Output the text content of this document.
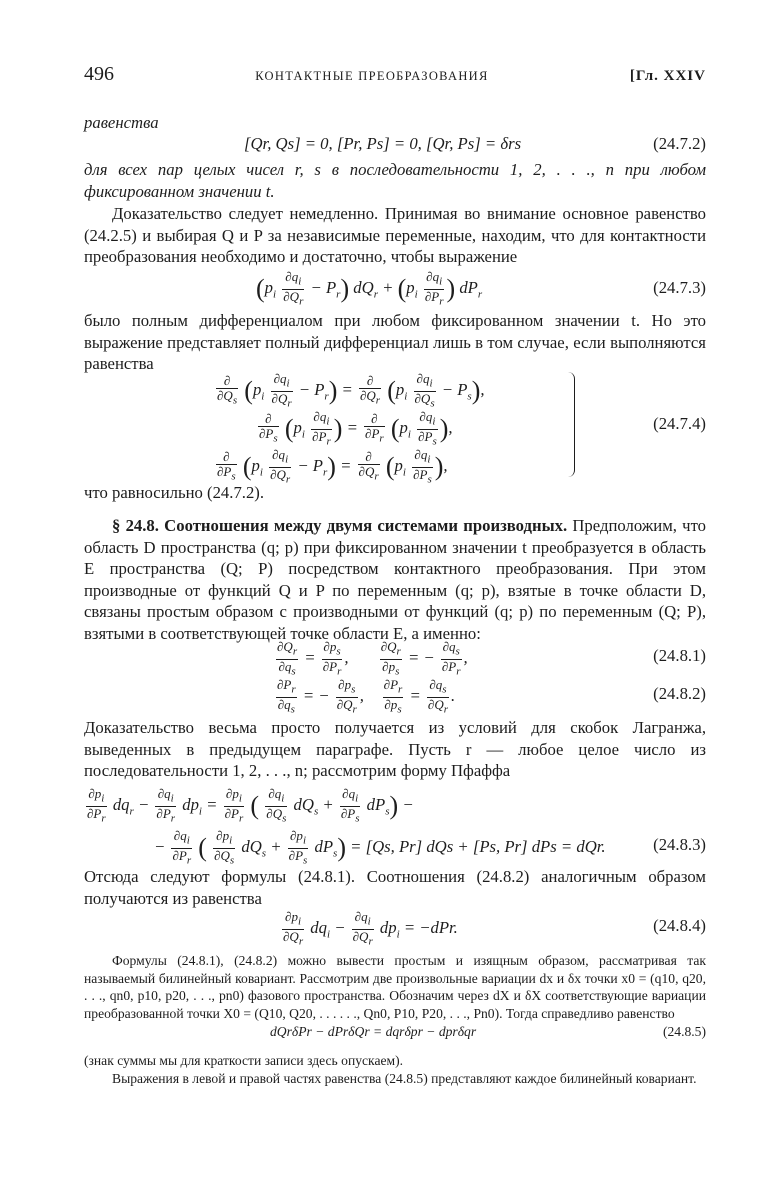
496	КОНТАКТНЫЕ ПРЕОБРАЗОВАНИЯ	[Гл. XXIV
равенства
[Qr, Qs] = 0, [Pr, Ps] = 0, [Qr, Ps] = δrs	(24.7.2)
для всех пар целых чисел r, s в последовательности 1, 2, . . ., n при любом фиксированном значении t.
Доказательство следует немедленно. Принимая во внимание основное равенство (24.2.5) и выбирая Q и P за независимые переменные, находим, что для контактности преобразования необходимо и достаточно, чтобы выражение
$(p_i \frac{\partial q_i}{\partial Q_r} - P_r) dQ_r + (p_i \frac{\partial q_i}{\partial P_r}$ ) $dP_r$	(24.7.3)
было полным дифференциалом при любом фиксированном значении t. Но это выражение представляет полный дифференциал лишь в том случае, если выполняются равенства
$\frac{\partial}{\partial Q_s} (p_i \frac{\partial q_i}{\partial Q_r} - P_r) = \frac{\partial}{\partial Q_r} (p_i \frac{\partial q_i}{\partial Q_s} - P_s)$,
$\frac{\partial}{\partial P_s} (p_i \frac{\partial q_i}{\partial P_r}$ ) = $\frac{\partial}{\partial P_r} (p_i \frac{\partial q_i}{\partial P_s}$ ),
$\frac{\partial}{\partial P_s} (p_i \frac{\partial q_i}{\partial Q_r} - P_r) = \frac{\partial}{\partial Q_r} (p_i \frac{\partial q_i}{\partial P_s}$ ),
(24.7.4)
что равносильно (24.7.2).
§ 24.8. Соотношения между двумя системами производных. Предположим, что область D пространства (q; p) при фиксированном значении t преобразуется в область E пространства (Q; P) посредством контактного преобразования. При этом производные от функций Q и P по переменным (q; p), взятые в точке области D, связаны простым образом с производными от функций (q; p) по переменным (Q; P), взятыми в соответствующей точке области E, а именно:
$\frac{\partial Q_r}{\partial q_s} = \frac{\partial p_s}{\partial P_r}$ , $\frac{\partial Q_r}{\partial p_s}$ = − $\frac{\partial q_s}{\partial P_r}$ ,	(24.8.1)
$\frac{\partial P_r}{\partial q_s}$ = − $\frac{\partial p_s}{\partial Q_r}$ , $\frac{\partial P_r}{\partial p_s} = \frac{\partial q_s}{\partial Q_r}$ .	(24.8.2)
Доказательство весьма просто получается из условий для скобок Лагранжа, выведенных в предыдущем параграфе. Пусть r — любое целое число из последовательности 1, 2, . . ., n; рассмотрим форму Пфаффа
$\frac{\partial p_i}{\partial P_r} dq_r - \frac{\partial q_i}{\partial P_r} dp_i = \frac{\partial p_i}{\partial P_r}$ ( $\frac{\partial q_i}{\partial Q_s} dQ_s + \frac{\partial q_i}{\partial P_s} dP_s$) −
− $\frac{\partial q_i}{\partial P_r}$ ( $\frac{\partial p_i}{\partial Q_s} dQ_s + \frac{\partial p_i}{\partial P_s} dP_s) = [Qs$, Pr] dQs + [Ps, Pr] dPs = dQr.	(24.8.3)
Отсюда следуют формулы (24.8.1). Соотношения (24.8.2) аналогичным образом получаются из равенства
$\frac{\partial p_i}{\partial Q_r} dq_i - \frac{\partial q_i}{\partial Q_r} dp_i = -dPr$.	(24.8.4)
Формулы (24.8.1), (24.8.2) можно вывести простым и изящным образом, рассматривая так называемый билинейный ковариант. Рассмотрим две произвольные вариации dx и δx точки x0 = (q10, q20, . . ., qn0, p10, p20, . . ., pn0) фазового пространства. Обозначим через dX и δX соответствующие вариации преобразованной точки X0 = (Q10, Q20, . . . . . ., Qn0, P10, P20, . . ., Pn0). Тогда справедливо равенство
dQrδPr − dPrδQr = dqrδpr − dprδqr	(24.8.5)
(знак суммы мы для краткости записи здесь опускаем).
Выражения в левой и правой частях равенства (24.8.5) представляют каждое билинейный ковариант.
